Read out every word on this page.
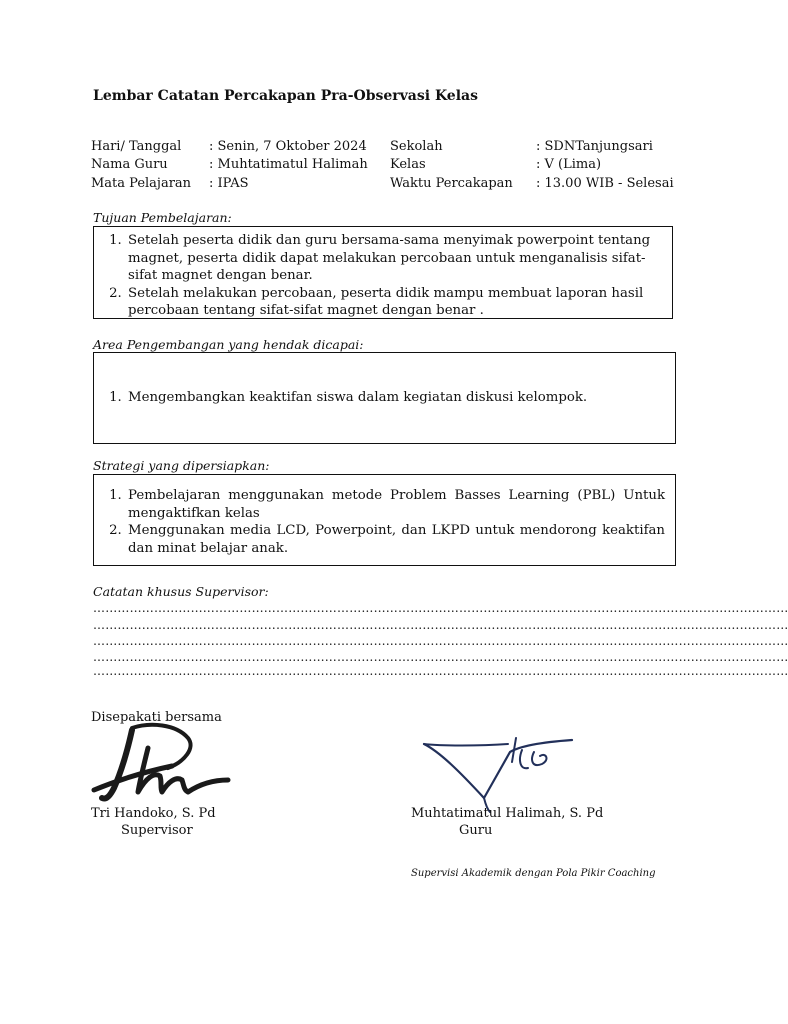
Lembar Catatan Percakapan Pra-Observasi Kelas
Hari/ Tanggal : Senin, 7 Oktober 2024 Sekolah	: SDNTanjungsari
Nama Guru	: Muhtatimatul Halimah Kelas	: V (Lima)
Mata Pelajaran : IPAS	Waktu Percakapan : 13.00 WIB - Selesai
Tujuan Pembelajaran:
1. Setelah peserta didik dan guru bersama-sama menyimak powerpoint tentang magnet, peserta didik dapat melakukan percobaan untuk menganalisis sifat-sifat magnet dengan benar.
2. Setelah melakukan percobaan, peserta didik mampu membuat laporan hasil percobaan tentang sifat-sifat magnet dengan benar .
Area Pengembangan yang hendak dicapai:
1. Mengembangkan keaktifan siswa dalam kegiatan diskusi kelompok.
Strategi yang dipersiapkan:
1. Pembelajaran menggunakan metode Problem Basses Learning (PBL) Untuk mengaktifkan kelas
2. Menggunakan media LCD, Powerpoint, dan LKPD untuk mendorong keaktifan dan minat belajar anak.
Catatan khusus Supervisor:
………………………………………………………………………………………………………………………………………………………
………………………………………………………………………………………………………………………………………………………
………………………………………………………………………………………………………………………………………………………
………………………………………………………………………………………………………………………………………………………
………………………………………………………………………………………………………………………………………………………
Disepakati bersama
Tri Handoko, S. Pd
Supervisor
Muhtatimatul Halimah, S. Pd
Guru
Supervisi Akademik dengan Pola Pikir Coaching
